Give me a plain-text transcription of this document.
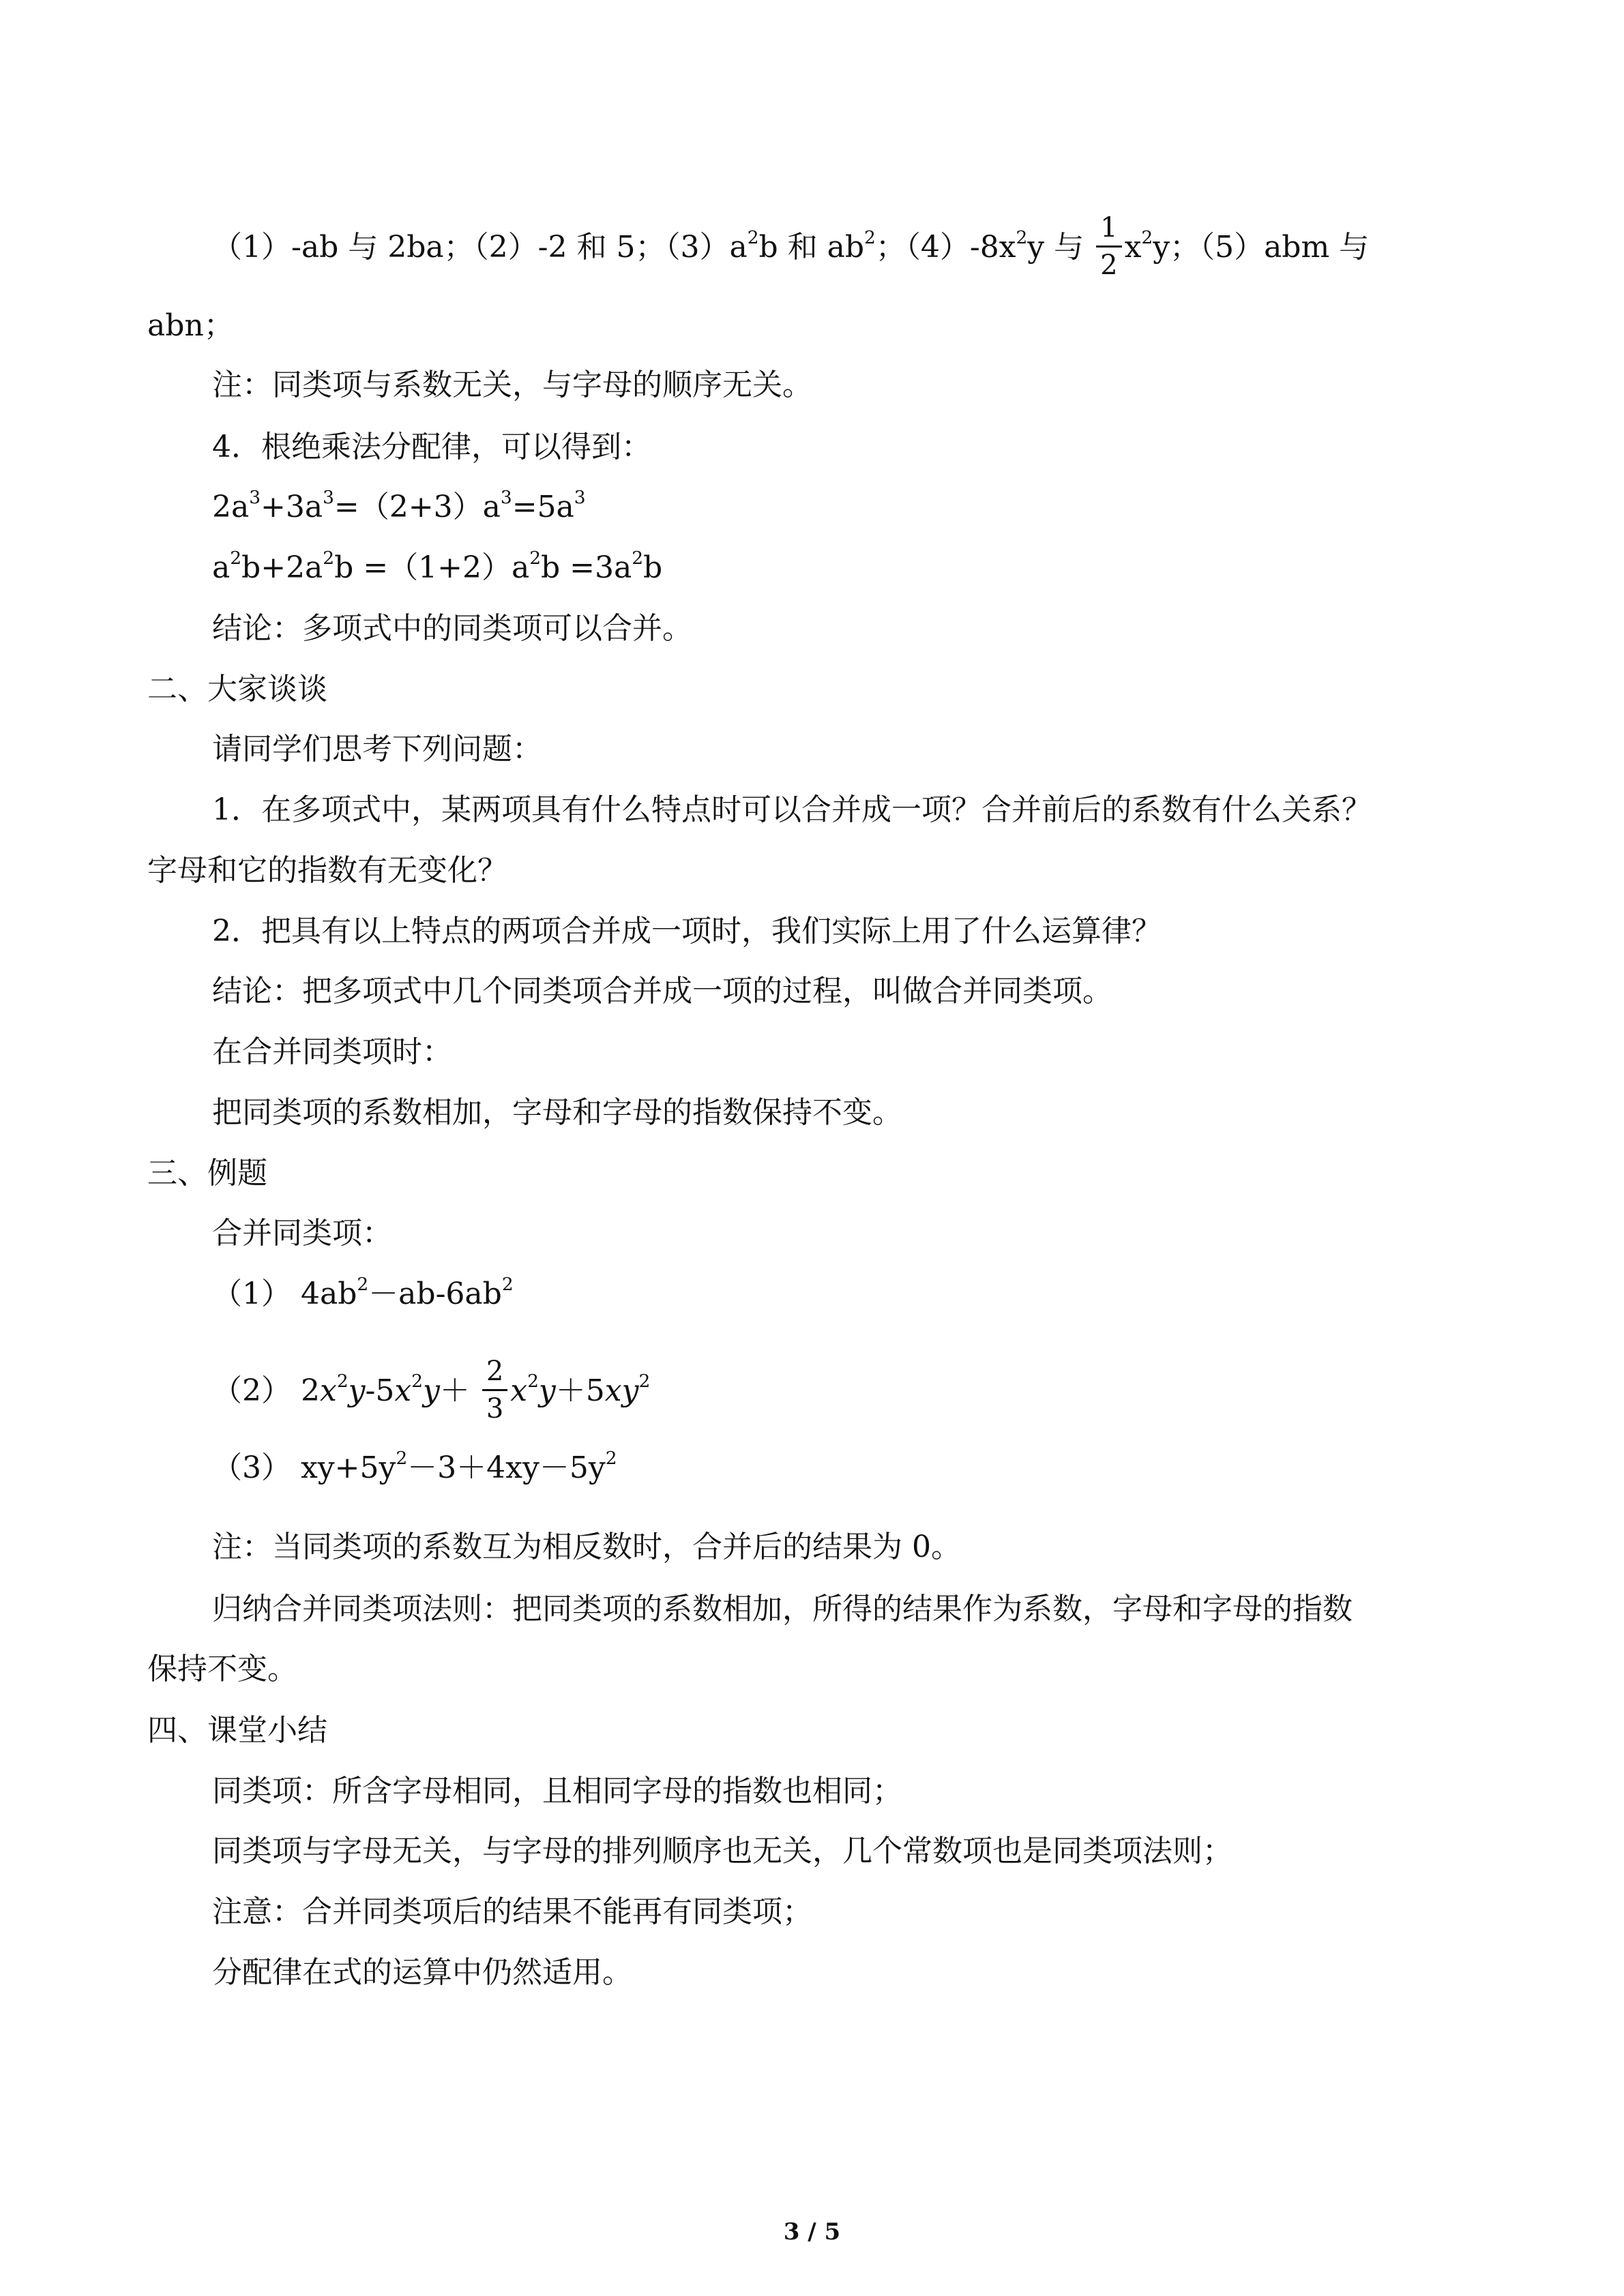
（1）-ab 与 2ba；（2）-2 和 5；$(3)a^2b$ 和 $ab^2$；$(4)-8x^2y$ 与 $\frac{1}{2} x^2y$；（5）abm 与
abn；
注：同类项与系数无关，与字母的顺序无关。
4．根绝乘法分配律，可以得到：
$2a^3+3a^3=(2+3)a^3=5a^3$
$a^2b+2a^2b =(1+2)a^2b =3a^2b$
结论：多项式中的同类项可以合并。
二、大家谈谈
请同学们思考下列问题：
1．在多项式中，某两项具有什么特点时可以合并成一项？合并前后的系数有什么关系？
字母和它的指数有无变化？
2．把具有以上特点的两项合并成一项时，我们实际上用了什么运算律？
结论：把多项式中几个同类项合并成一项的过程，叫做合并同类项。
在合并同类项时：
把同类项的系数相加，字母和字母的指数保持不变。
三、例题
合并同类项：
（1） $4ab^2-ab-6ab^2$
（2） $2x^2y-5x^2y+ \frac{2}{3} x^2y+5xy^2$
（3） $xy+5y^2-3+4xy-5y^2$
注：当同类项的系数互为相反数时，合并后的结果为 0。
归纳合并同类项法则：把同类项的系数相加，所得的结果作为系数，字母和字母的指数
保持不变。
四、课堂小结
同类项：所含字母相同，且相同字母的指数也相同；
同类项与字母无关，与字母的排列顺序也无关，几个常数项也是同类项法则；
注意：合并同类项后的结果不能再有同类项；
分配律在式的运算中仍然适用。
3 / 5
